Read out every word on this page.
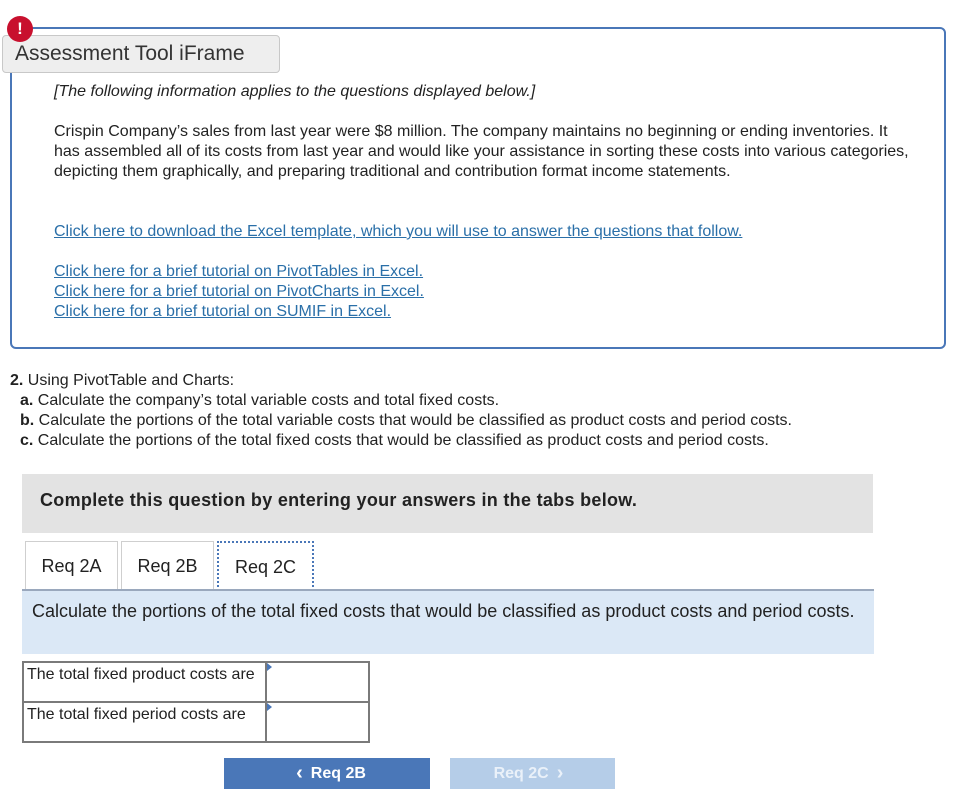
!
Assessment Tool iFrame
[The following information applies to the questions displayed below.]

Crispin Company’s sales from last year were $8 million. The company maintains no beginning or ending inventories. It has assembled all of its costs from last year and would like your assistance in sorting these costs into various categories, depicting them graphically, and preparing traditional and contribution format income statements.

Click here to download the Excel template, which you will use to answer the questions that follow.
Click here for a brief tutorial on PivotTables in Excel.
Click here for a brief tutorial on PivotCharts in Excel.
Click here for a brief tutorial on SUMIF in Excel.
2. Using PivotTable and Charts:
a. Calculate the company’s total variable costs and total fixed costs.
b. Calculate the portions of the total variable costs that would be classified as product costs and period costs.
c. Calculate the portions of the total fixed costs that would be classified as product costs and period costs.
Complete this question by entering your answers in the tabs below.
Req 2A	Req 2B	Req 2C
Calculate the portions of the total fixed costs that would be classified as product costs and period costs.
The total fixed product costs are	

The total fixed period costs are	
‹ Req 2B	Req 2C ›
